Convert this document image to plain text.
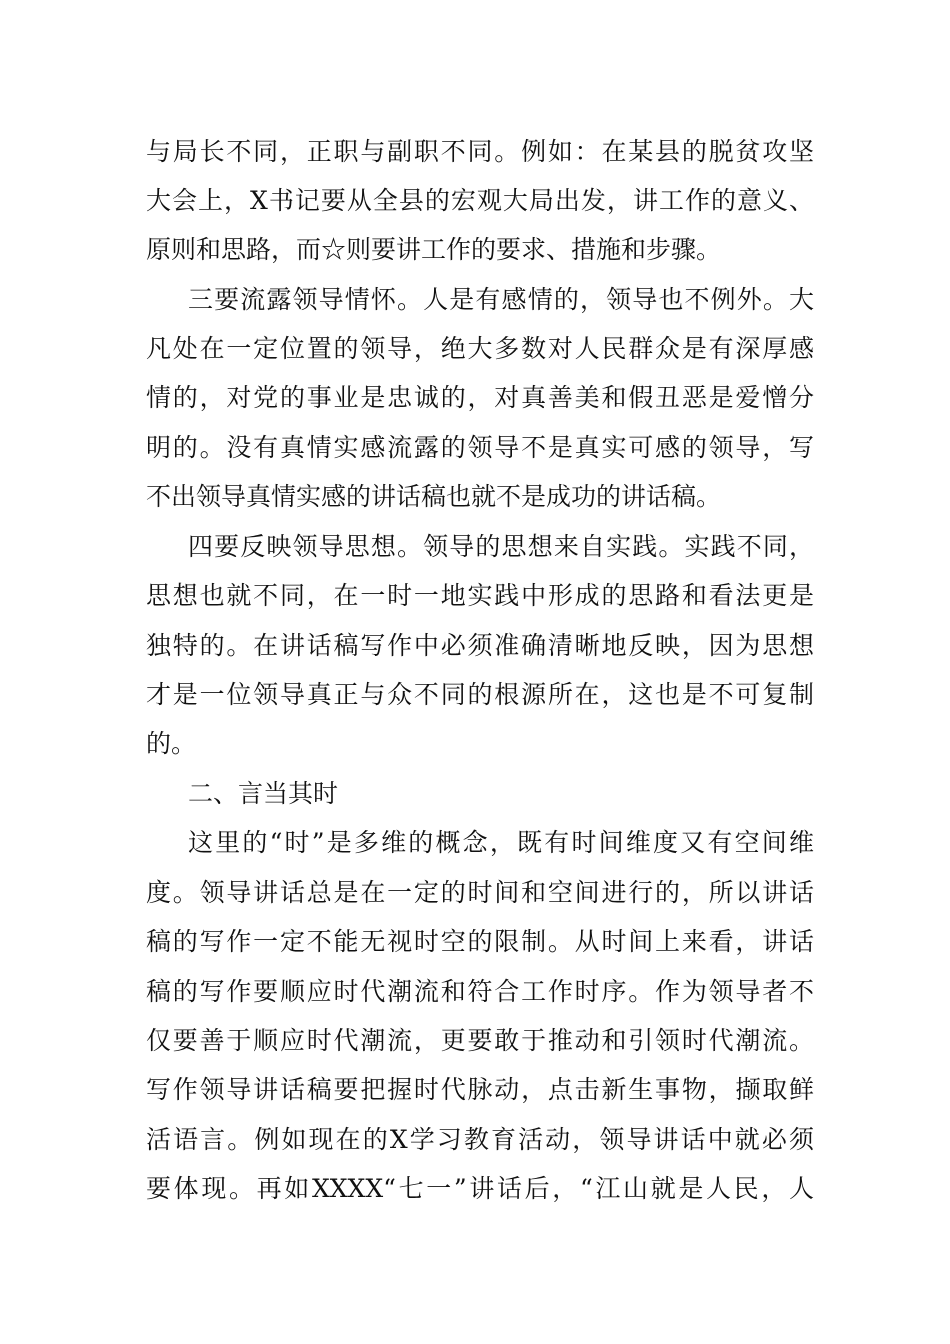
与局长不同，正职与副职不同。例如：在某县的脱贫攻坚
大会上，X书记要从全县的宏观大局出发，讲工作的意义、
原则和思路，而☆则要讲工作的要求、措施和步骤。
三要流露领导情怀。人是有感情的，领导也不例外。大
凡处在一定位置的领导，绝大多数对人民群众是有深厚感
情的，对党的事业是忠诚的，对真善美和假丑恶是爱憎分
明的。没有真情实感流露的领导不是真实可感的领导，写
不出领导真情实感的讲话稿也就不是成功的讲话稿。
四要反映领导思想。领导的思想来自实践。实践不同，
思想也就不同，在一时一地实践中形成的思路和看法更是
独特的。在讲话稿写作中必须准确清晰地反映，因为思想
才是一位领导真正与众不同的根源所在，这也是不可复制
的。
二、言当其时
这里的“时”是多维的概念，既有时间维度又有空间维
度。领导讲话总是在一定的时间和空间进行的，所以讲话
稿的写作一定不能无视时空的限制。从时间上来看，讲话
稿的写作要顺应时代潮流和符合工作时序。作为领导者不
仅要善于顺应时代潮流，更要敢于推动和引领时代潮流。
写作领导讲话稿要把握时代脉动，点击新生事物，撷取鲜
活语言。例如现在的X学习教育活动，领导讲话中就必须
要体现。再如XXXX“七一”讲话后，“江山就是人民，人
